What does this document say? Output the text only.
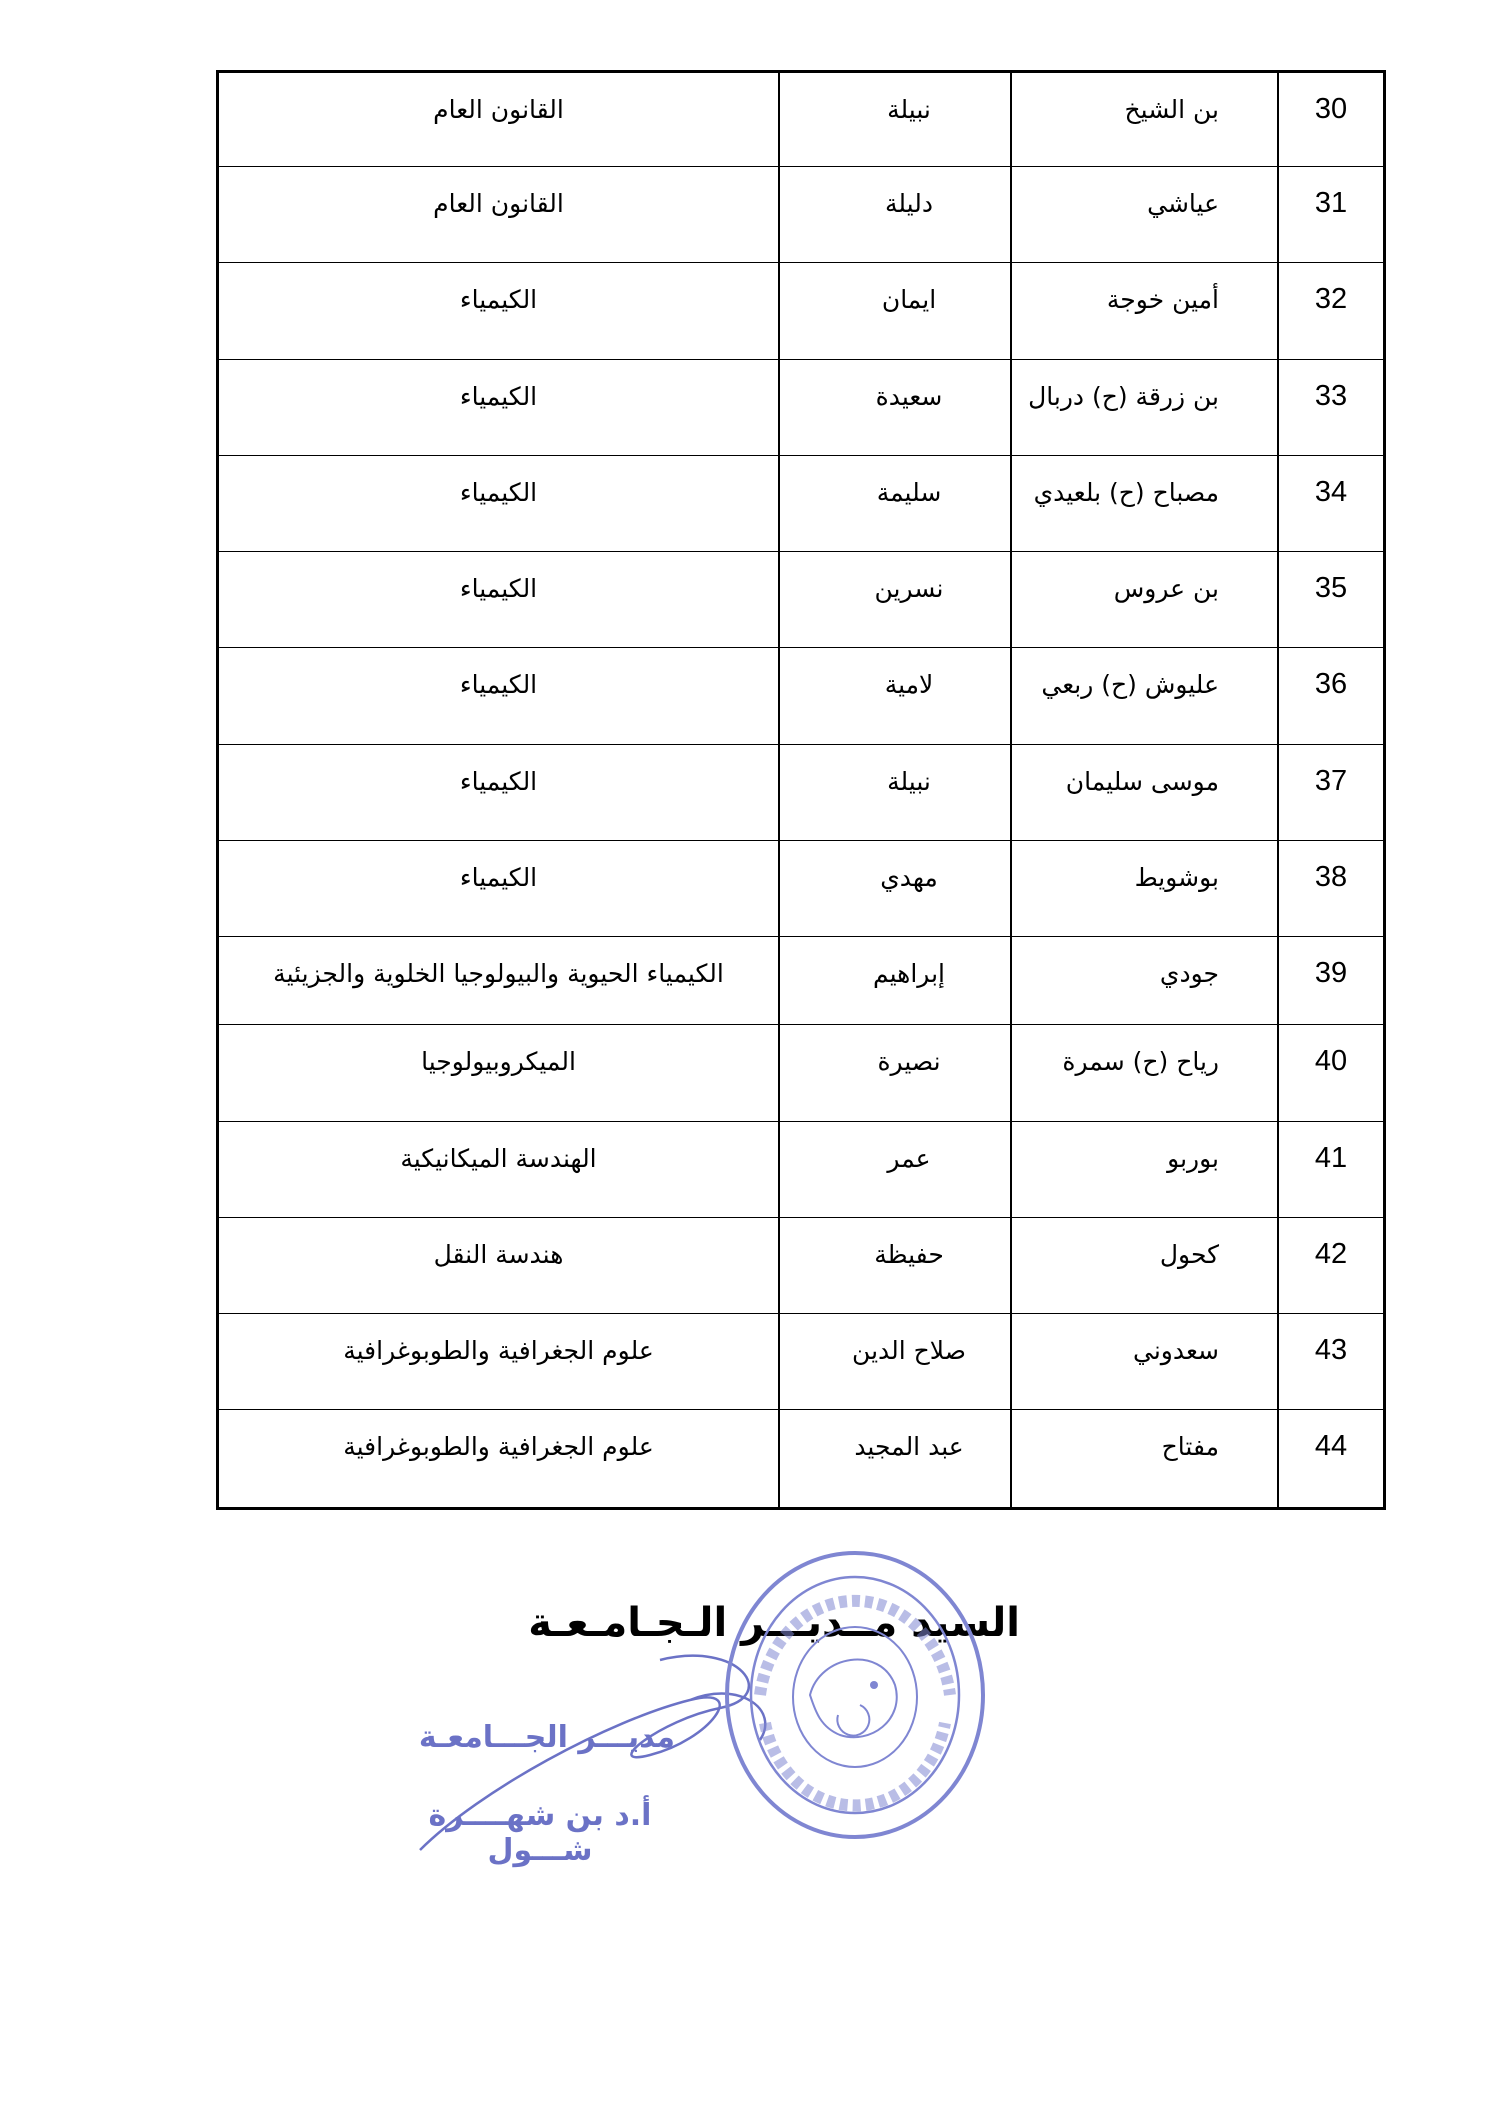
30	بن الشيخ	نبيلة	القانون العام

31	عياشي	دليلة	القانون العام

32	أمين خوجة	ايمان	الكيمياء

33	بن زرقة (ح) دربال	سعيدة	الكيمياء

34	مصباح (ح) بلعيدي	سليمة	الكيمياء

35	بن عروس	نسرين	الكيمياء

36	عليوش (ح) ربعي	لامية	الكيمياء

37	موسى سليمان	نبيلة	الكيمياء

38	بوشويط	مهدي	الكيمياء

39	جودي	إبراهيم	الكيمياء الحيوية والبيولوجيا الخلوية والجزيئية

40	رياح (ح) سمرة	نصيرة	الميكروبيولوجيا

41	بوربو	عمر	الهندسة الميكانيكية

42	كحول	حفيظة	هندسة النقل

43	سعدوني	صلاح الدين	علوم الجغرافية والطوبوغرافية

44	مفتاح	عبد المجيد	علوم الجغرافية والطوبوغرافية
السيد مــديـــر الـجـامـعـة
مديـــر الجـــامعـة
أ.د بن شهــــرة شـــول
